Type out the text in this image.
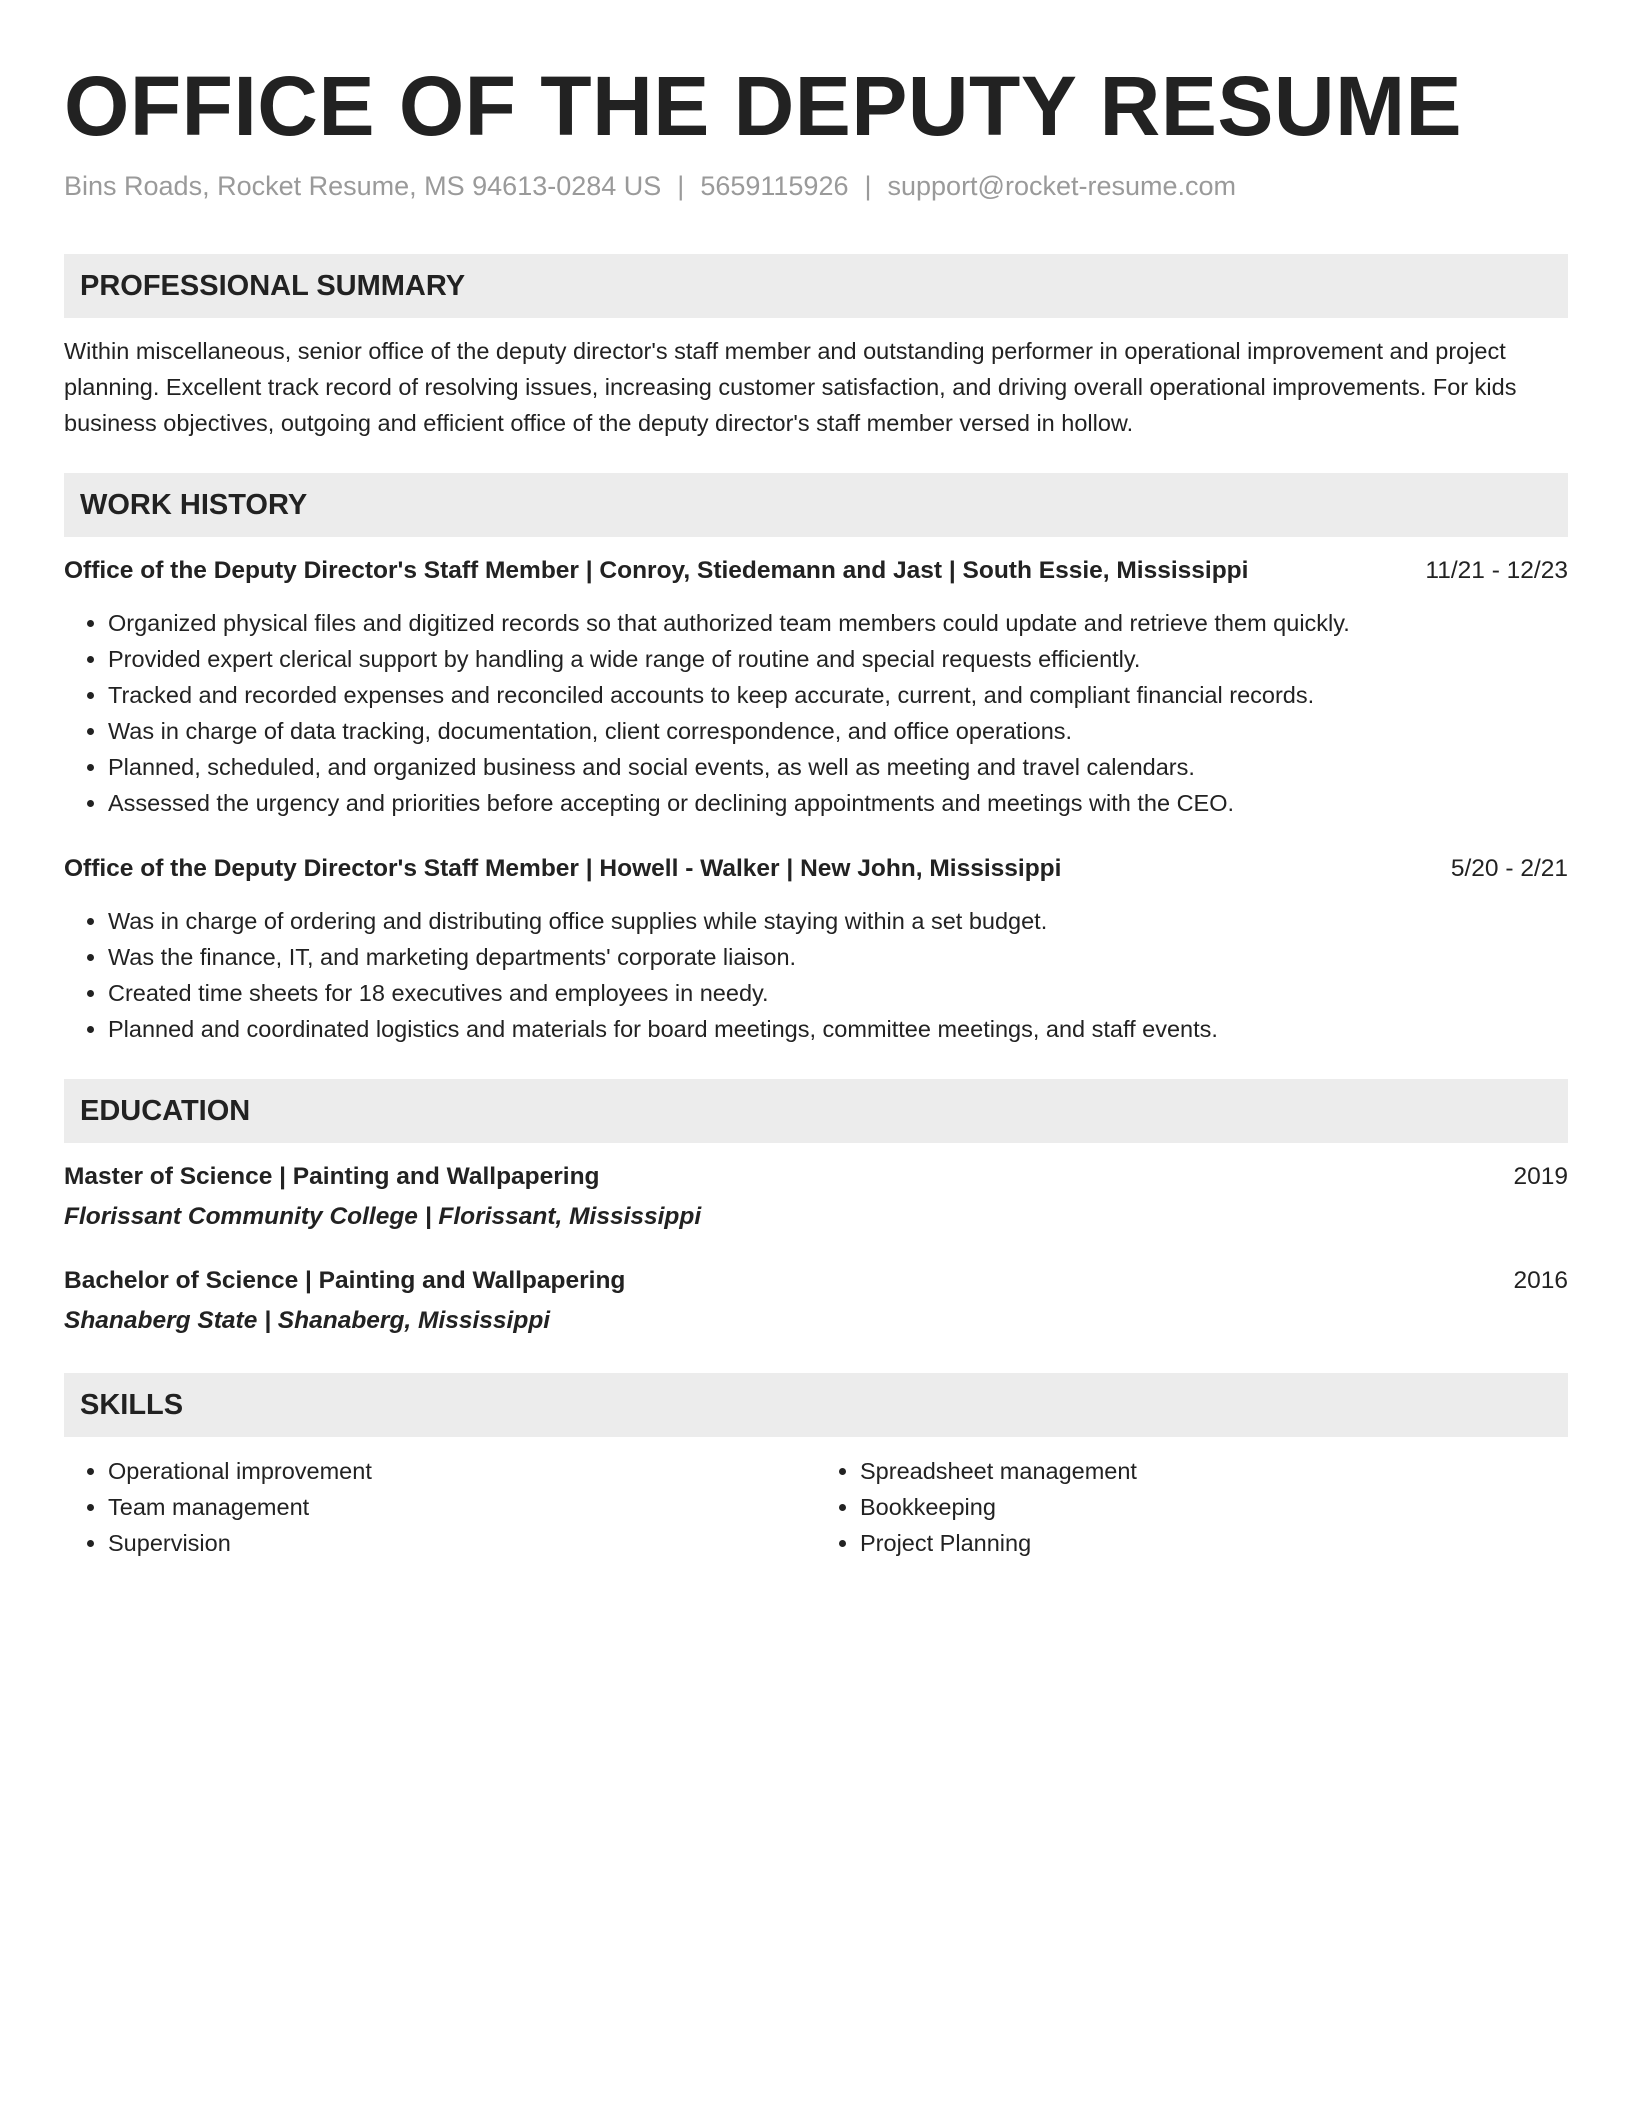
OFFICE OF THE DEPUTY RESUME
Bins Roads, Rocket Resume, MS 94613-0284 US | 5659115926 | support@rocket-resume.com
PROFESSIONAL SUMMARY
Within miscellaneous, senior office of the deputy director's staff member and outstanding performer in operational improvement and project planning. Excellent track record of resolving issues, increasing customer satisfaction, and driving overall operational improvements. For kids business objectives, outgoing and efficient office of the deputy director's staff member versed in hollow.
WORK HISTORY
Office of the Deputy Director's Staff Member | Conroy, Stiedemann and Jast | South Essie, Mississippi	11/21 - 12/23
• Organized physical files and digitized records so that authorized team members could update and retrieve them quickly.
• Provided expert clerical support by handling a wide range of routine and special requests efficiently.
• Tracked and recorded expenses and reconciled accounts to keep accurate, current, and compliant financial records.
• Was in charge of data tracking, documentation, client correspondence, and office operations.
• Planned, scheduled, and organized business and social events, as well as meeting and travel calendars.
• Assessed the urgency and priorities before accepting or declining appointments and meetings with the CEO.
Office of the Deputy Director's Staff Member | Howell - Walker | New John, Mississippi	5/20 - 2/21
• Was in charge of ordering and distributing office supplies while staying within a set budget.
• Was the finance, IT, and marketing departments' corporate liaison.
• Created time sheets for 18 executives and employees in needy.
• Planned and coordinated logistics and materials for board meetings, committee meetings, and staff events.
EDUCATION
Master of Science | Painting and Wallpapering	2019
Florissant Community College | Florissant, Mississippi
Bachelor of Science | Painting and Wallpapering	2016
Shanaberg State | Shanaberg, Mississippi
SKILLS
• Operational improvement
• Team management
• Supervision
• Spreadsheet management
• Bookkeeping
• Project Planning
